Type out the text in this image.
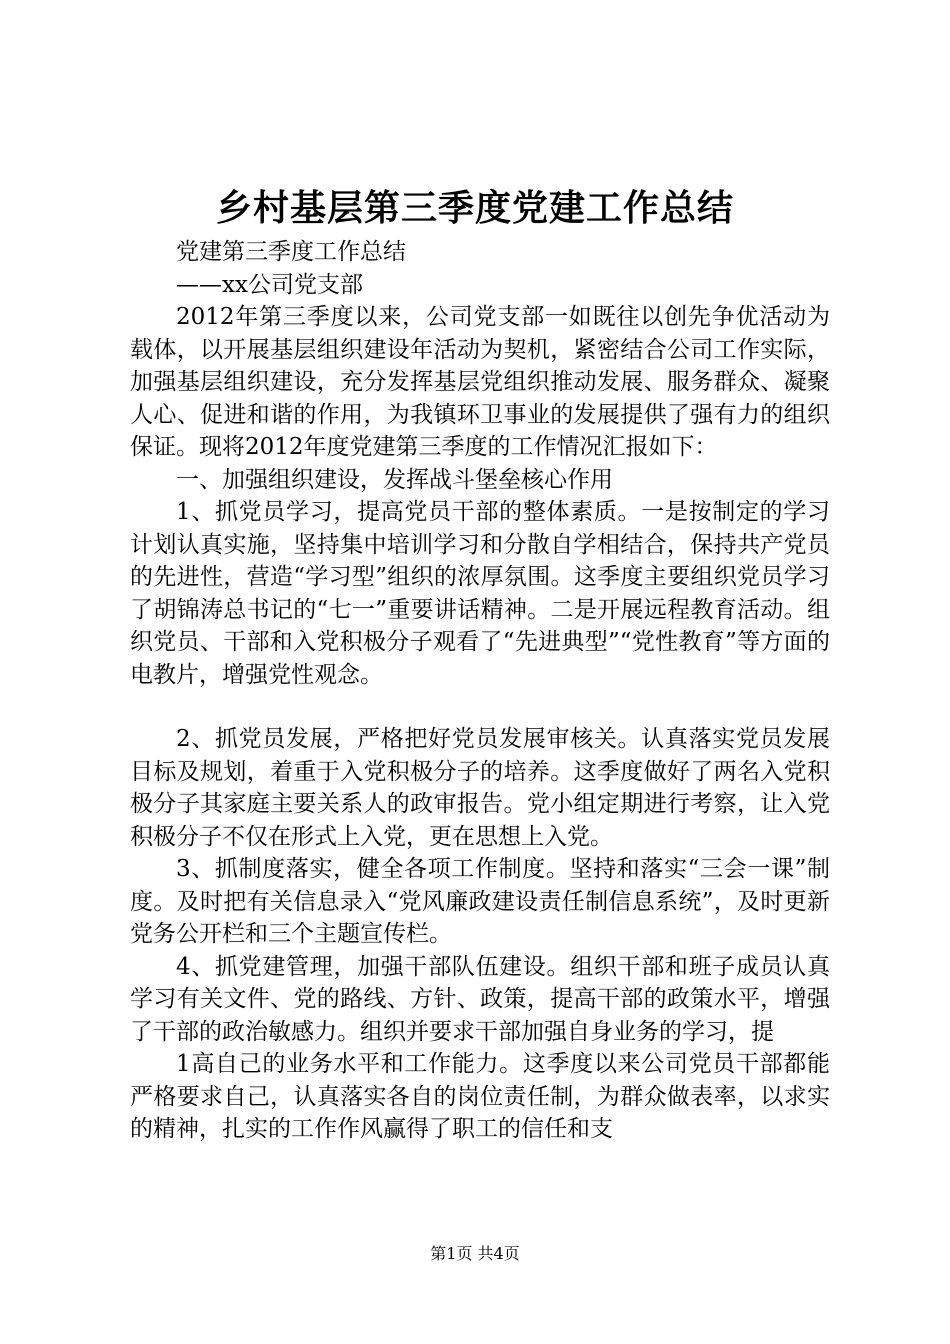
乡村基层第三季度党建工作总结

党建第三季度工作总结

——xx公司党支部

2012年第三季度以来，公司党支部一如既往以创先争优活动为载体，以开展基层组织建设年活动为契机，紧密结合公司工作实际，加强基层组织建设，充分发挥基层党组织推动发展、服务群众、凝聚人心、促进和谐的作用，为我镇环卫事业的发展提供了强有力的组织保证。现将2012年度党建第三季度的工作情况汇报如下：

一、加强组织建设，发挥战斗堡垒核心作用

1、抓党员学习，提高党员干部的整体素质。一是按制定的学习计划认真实施，坚持集中培训学习和分散自学相结合，保持共产党员的先进性，营造“学习型”组织的浓厚氛围。这季度主要组织党员学习了胡锦涛总书记的“七一”重要讲话精神。二是开展远程教育活动。组织党员、干部和入党积极分子观看了“先进典型”“党性教育”等方面的电教片，增强党性观念。

2、抓党员发展，严格把好党员发展审核关。认真落实党员发展目标及规划，着重于入党积极分子的培养。这季度做好了两名入党积极分子其家庭主要关系人的政审报告。党小组定期进行考察，让入党积极分子不仅在形式上入党，更在思想上入党。

3、抓制度落实，健全各项工作制度。坚持和落实“三会一课”制度。及时把有关信息录入“党风廉政建设责任制信息系统”，及时更新党务公开栏和三个主题宣传栏。

4、抓党建管理，加强干部队伍建设。组织干部和班子成员认真学习有关文件、党的路线、方针、政策，提高干部的政策水平，增强了干部的政治敏感力。组织并要求干部加强自身业务的学习，提

1高自己的业务水平和工作能力。这季度以来公司党员干部都能严格要求自己，认真落实各自的岗位责任制，为群众做表率，以求实的精神，扎实的工作作风赢得了职工的信任和支

第1页 共4页
